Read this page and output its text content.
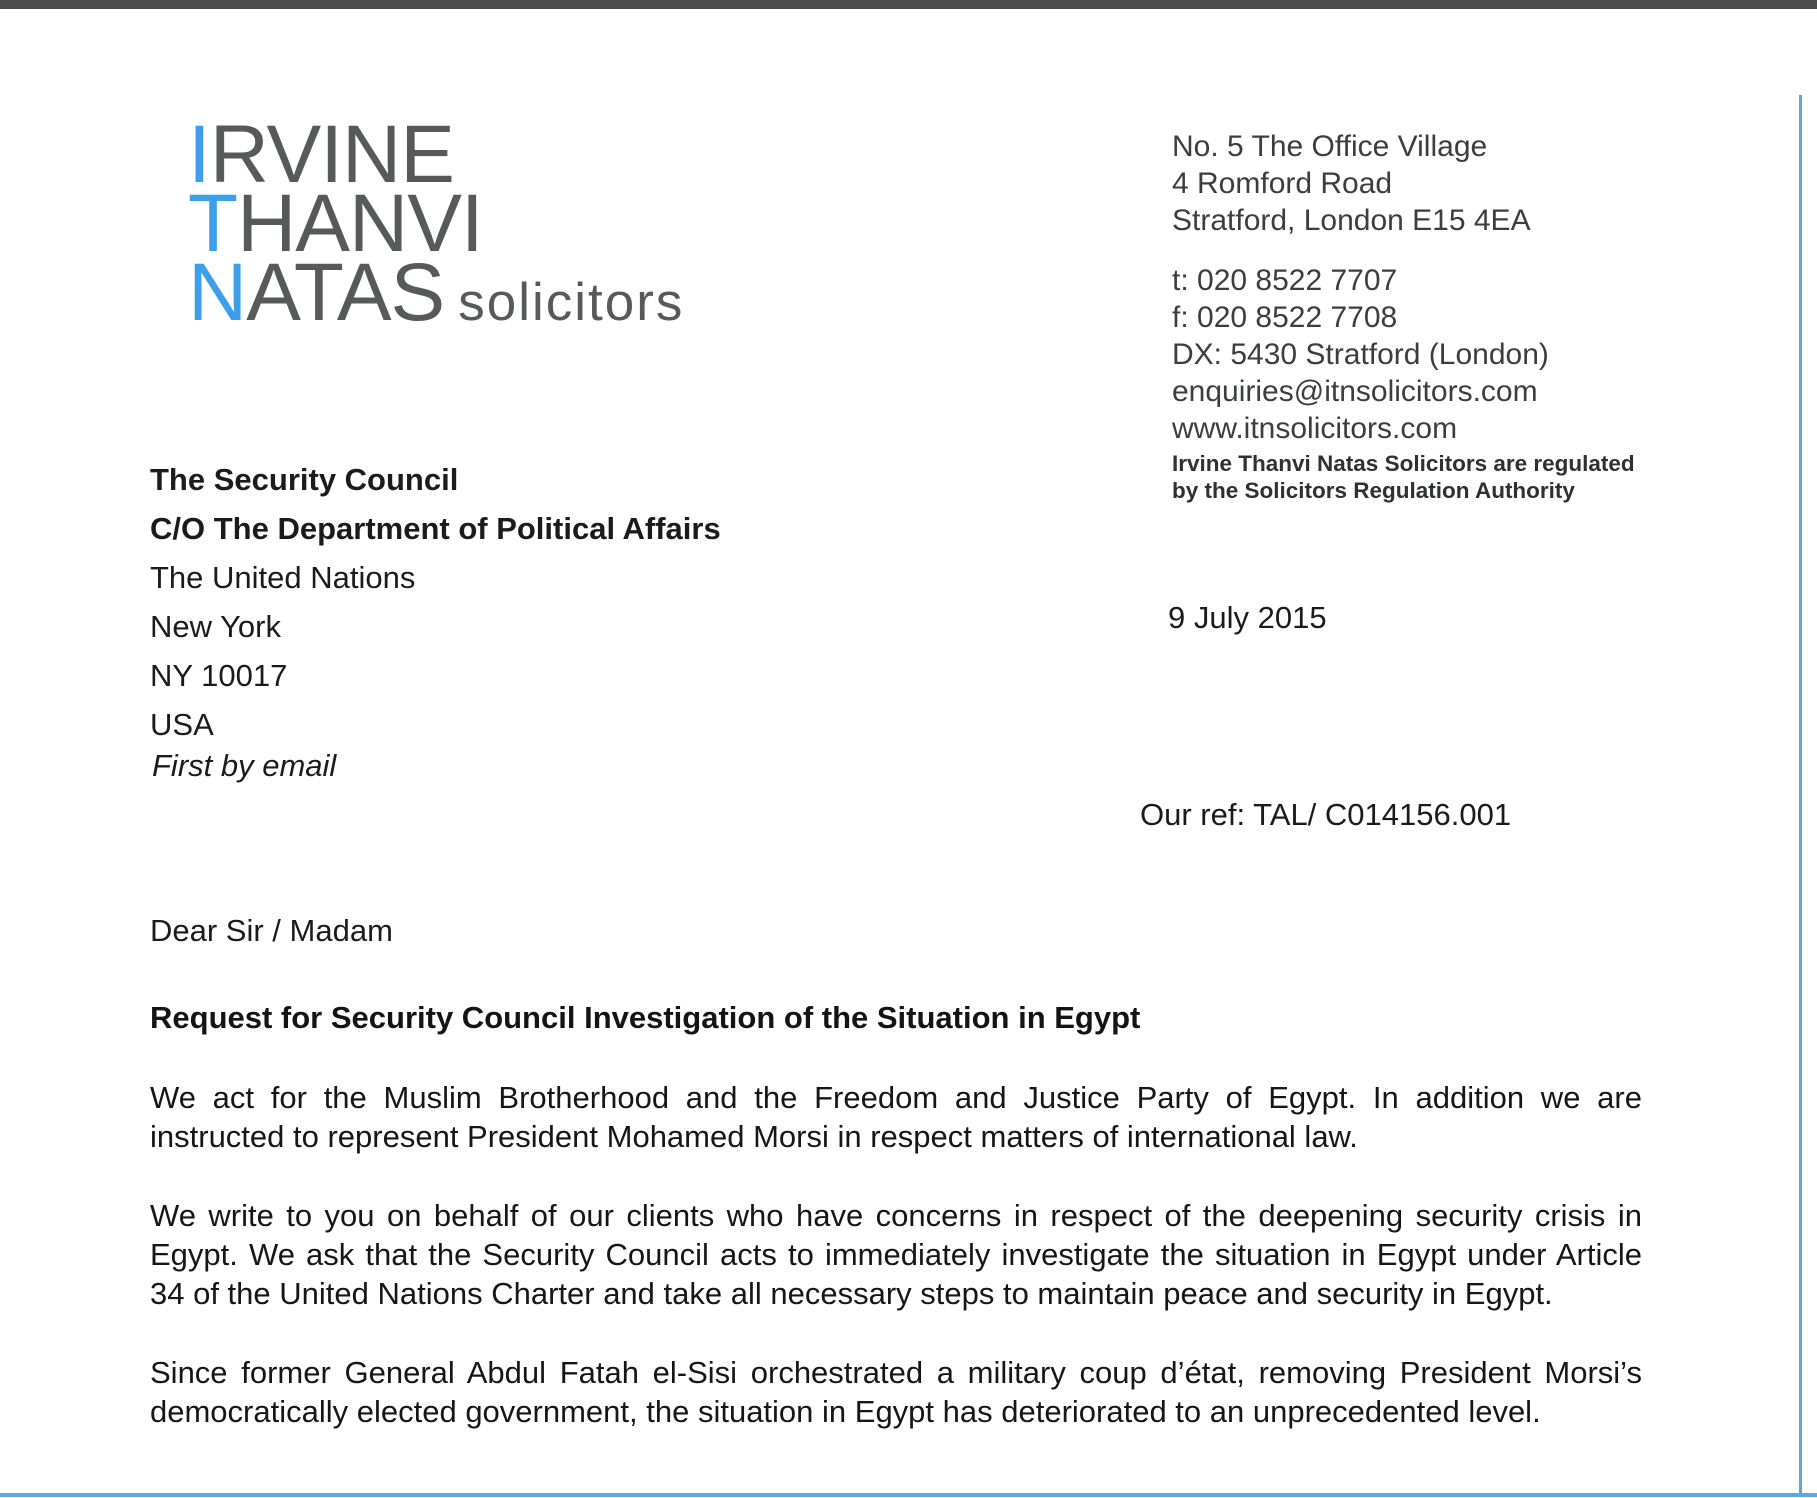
IRVINE
THANVI
NATAS solicitors
No. 5 The Office Village
4 Romford Road
Stratford, London E15 4EA
t: 020 8522 7707
f: 020 8522 7708
DX: 5430 Stratford (London)
enquiries@itnsolicitors.com
www.itnsolicitors.com
Irvine Thanvi Natas Solicitors are regulated by the Solicitors Regulation Authority
The Security Council
C/O The Department of Political Affairs
The United Nations
New York
NY 10017
USA
9 July 2015
First by email
Our ref: TAL/ C014156.001
Dear Sir / Madam
Request for Security Council Investigation of the Situation in Egypt

We act for the Muslim Brotherhood and the Freedom and Justice Party of Egypt. In addition we are instructed to represent President Mohamed Morsi in respect matters of international law.

We write to you on behalf of our clients who have concerns in respect of the deepening security crisis in Egypt. We ask that the Security Council acts to immediately investigate the situation in Egypt under Article 34 of the United Nations Charter and take all necessary steps to maintain peace and security in Egypt.

Since former General Abdul Fatah el-Sisi orchestrated a military coup d’état, removing President Morsi’s democratically elected government, the situation in Egypt has deteriorated to an unprecedented level.
